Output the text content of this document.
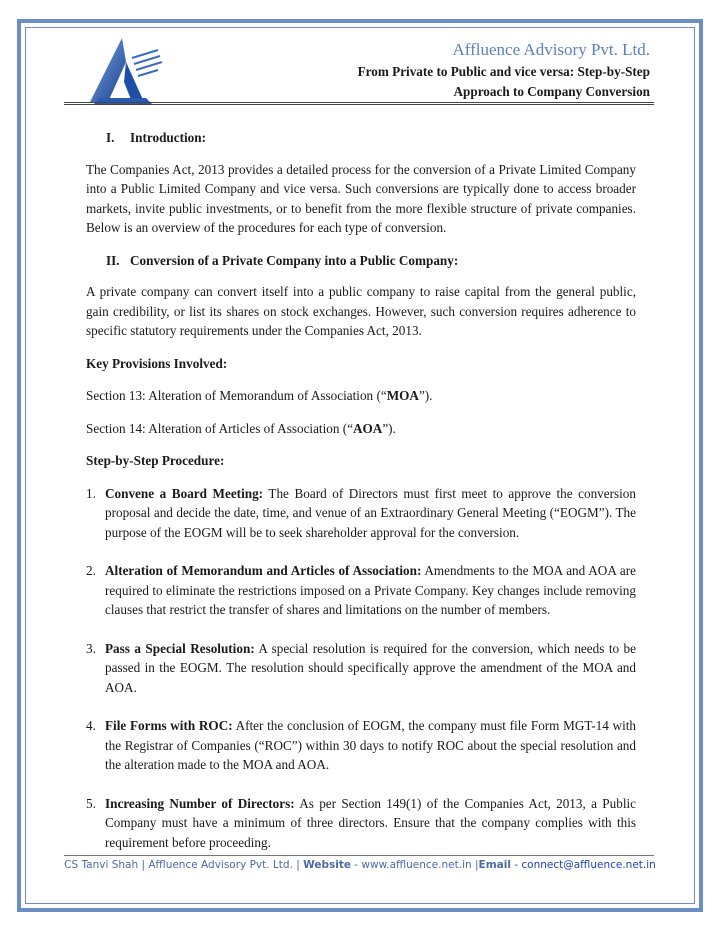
Affluence Advisory Pvt. Ltd.
From Private to Public and vice versa: Step-by-Step
Approach to Company Conversion
I. Introduction:

The Companies Act, 2013 provides a detailed process for the conversion of a Private Limited Company into a Public Limited Company and vice versa. Such conversions are typically done to access broader markets, invite public investments, or to benefit from the more flexible structure of private companies. Below is an overview of the procedures for each type of conversion.

II. Conversion of a Private Company into a Public Company:

A private company can convert itself into a public company to raise capital from the general public, gain credibility, or list its shares on stock exchanges. However, such conversion requires adherence to specific statutory requirements under the Companies Act, 2013.

Key Provisions Involved:

Section 13: Alteration of Memorandum of Association (“MOA”).

Section 14: Alteration of Articles of Association (“AOA”).

Step-by-Step Procedure:
1. Convene a Board Meeting: The Board of Directors must first meet to approve the conversion proposal and decide the date, time, and venue of an Extraordinary General Meeting (“EOGM”). The purpose of the EOGM will be to seek shareholder approval for the conversion.
2. Alteration of Memorandum and Articles of Association: Amendments to the MOA and AOA are required to eliminate the restrictions imposed on a Private Company. Key changes include removing clauses that restrict the transfer of shares and limitations on the number of members.
3. Pass a Special Resolution: A special resolution is required for the conversion, which needs to be passed in the EOGM. The resolution should specifically approve the amendment of the MOA and AOA.
4. File Forms with ROC: After the conclusion of EOGM, the company must file Form MGT-14 with the Registrar of Companies (“ROC”) within 30 days to notify ROC about the special resolution and the alteration made to the MOA and AOA.
5. Increasing Number of Directors: As per Section 149(1) of the Companies Act, 2013, a Public Company must have a minimum of three directors. Ensure that the company complies with this requirement before proceeding.
CS Tanvi Shah | Affluence Advisory Pvt. Ltd. | Website - www.affluence.net.in |Email - connect@affluence.net.in
